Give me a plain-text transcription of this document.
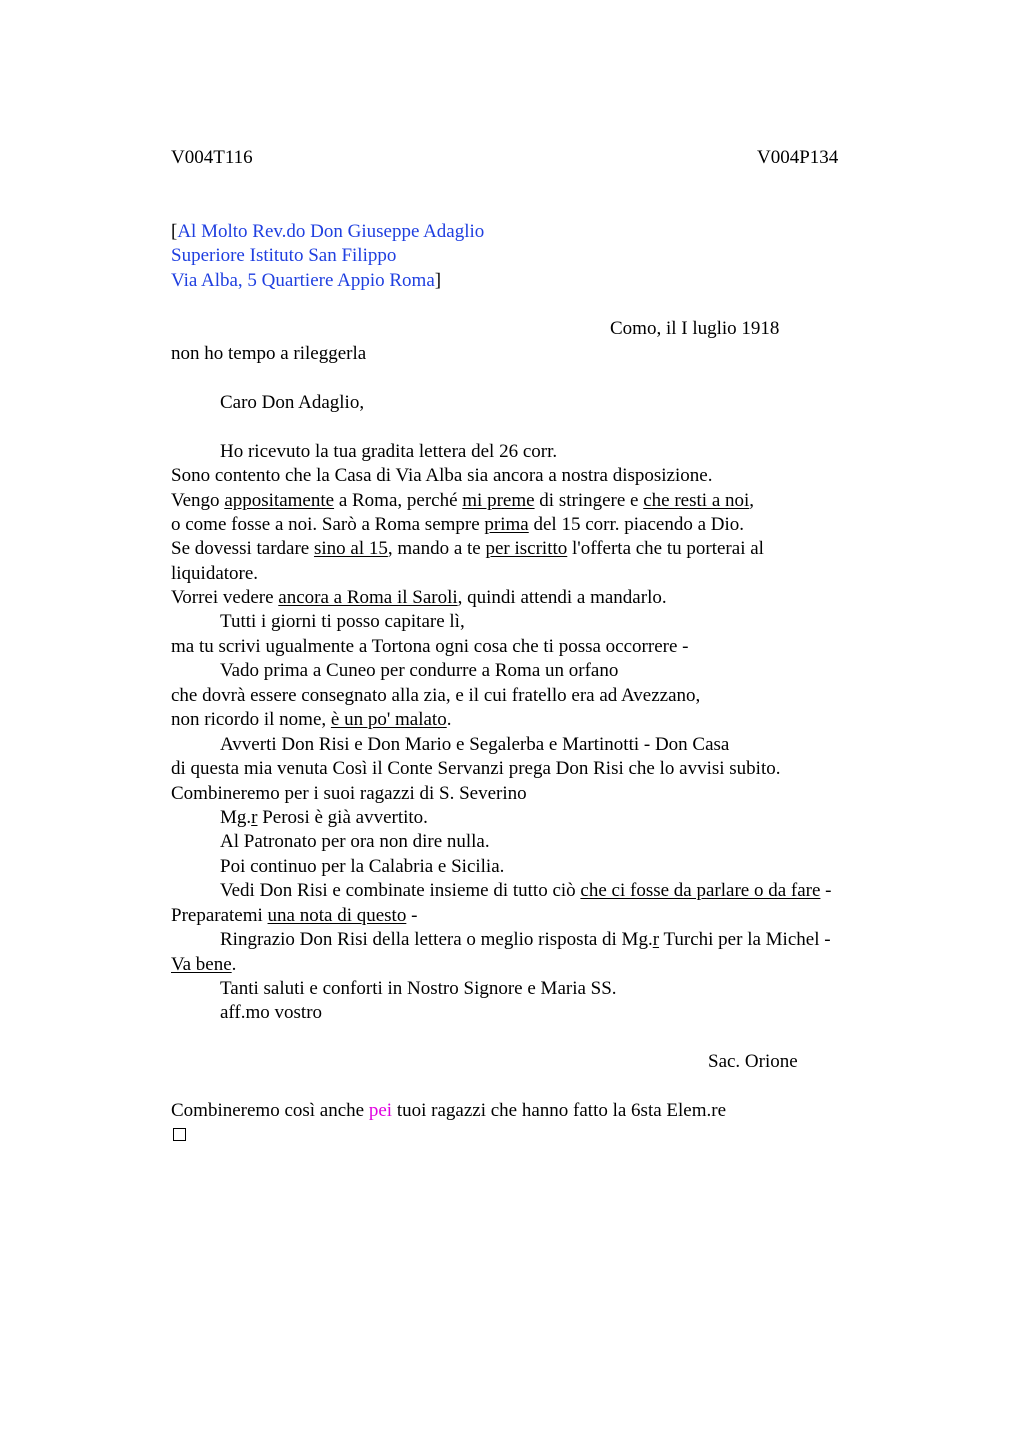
V004T116	V004P134
[Al Molto Rev.do Don Giuseppe Adaglio
Superiore Istituto San Filippo
Via Alba, 5 Quartiere Appio Roma]
Como, il I luglio 1918
non ho tempo a rileggerla
Caro Don Adaglio,
Ho ricevuto la tua gradita lettera del 26 corr.
Sono contento che la Casa di Via Alba sia ancora a nostra disposizione.
Vengo appositamente a Roma, perché mi preme di stringere e che resti a noi,
o come fosse a noi. Sarò a Roma sempre prima del 15 corr. piacendo a Dio.
Se dovessi tardare sino al 15, mando a te per iscritto l'offerta che tu porterai al
liquidatore.
Vorrei vedere ancora a Roma il Saroli, quindi attendi a mandarlo.
Tutti i giorni ti posso capitare lì,
ma tu scrivi ugualmente a Tortona ogni cosa che ti possa occorrere -
Vado prima a Cuneo per condurre a Roma un orfano
che dovrà essere consegnato alla zia, e il cui fratello era ad Avezzano,
non ricordo il nome, è un po' malato.
Avverti Don Risi e Don Mario e Segalerba e Martinotti - Don Casa
di questa mia venuta Così il Conte Servanzi prega Don Risi che lo avvisi subito.
Combineremo per i suoi ragazzi di S. Severino
Mg.r Perosi è già avvertito.
Al Patronato per ora non dire nulla.
Poi continuo per la Calabria e Sicilia.
Vedi Don Risi e combinate insieme di tutto ciò che ci fosse da parlare o da fare -
Preparatemi una nota di questo -
Ringrazio Don Risi della lettera o meglio risposta di Mg.r Turchi per la Michel -
Va bene.
Tanti saluti e conforti in Nostro Signore e Maria SS.
aff.mo vostro
Sac. Orione
Combineremo così anche pei tuoi ragazzi che hanno fatto la 6sta Elem.re
